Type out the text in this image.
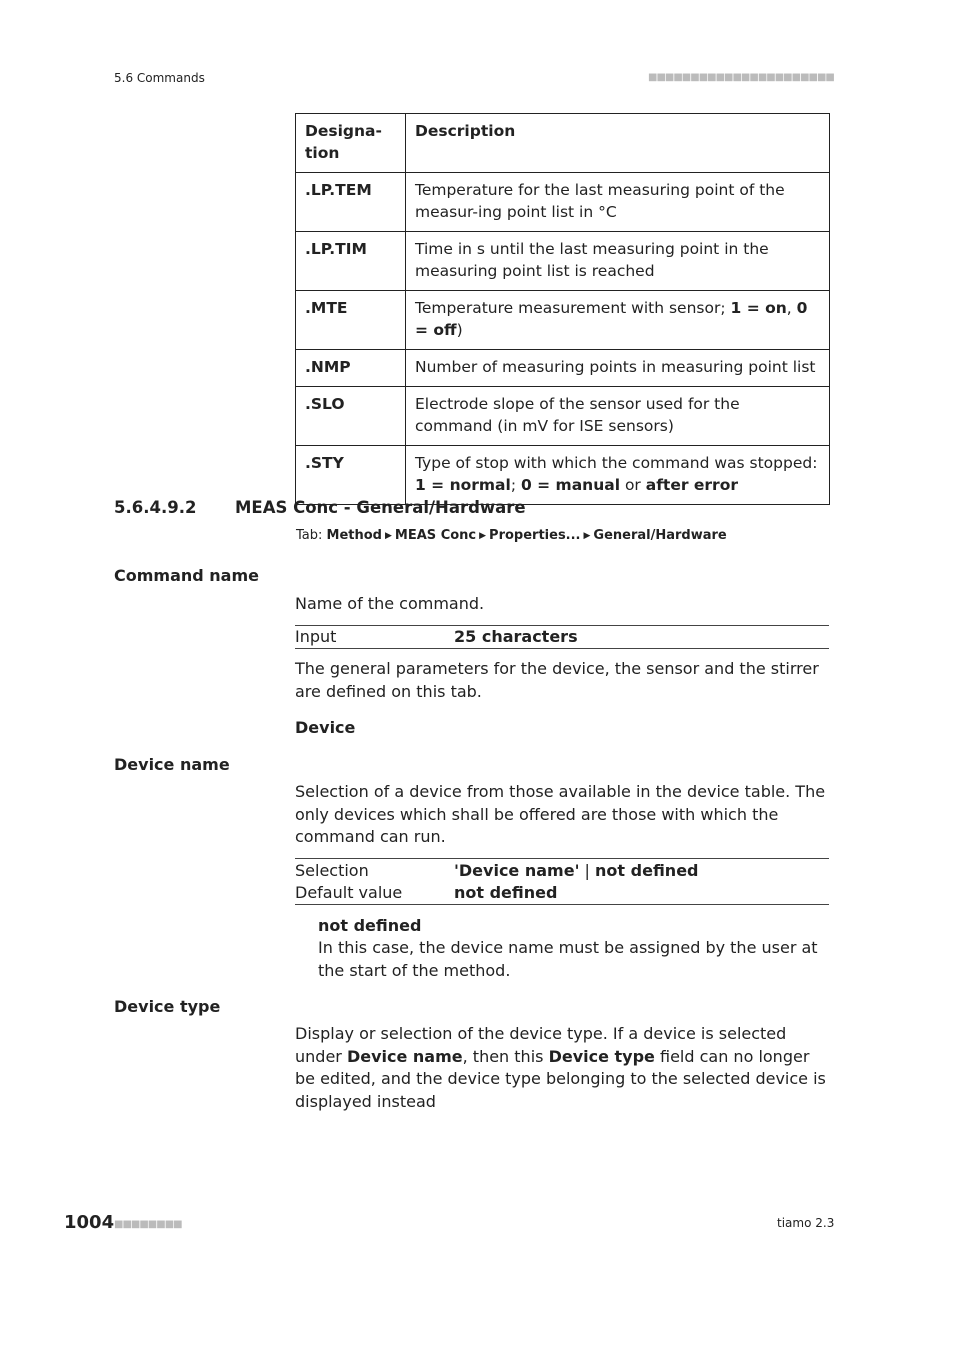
5.6 Commands	■■■■■■■■■■■■■■■■■■■■■■
Designa-
tion	Description
.LP.TEM	Temperature for the last measuring point of the measur-ing point list in °C
.LP.TIM	Time in s until the last measuring point in the measuring point list is reached
.MTE	Temperature measurement with sensor; 1 = on, 0 = off)
.NMP	Number of measuring points in measuring point list
.SLO	Electrode slope of the sensor used for the command (in mV for ISE sensors)
.STY	Type of stop with which the command was stopped: 1 = normal; 0 = manual or after error
5.6.4.9.2 MEAS Conc - General/Hardware
Tab: Method ▶ MEAS Conc ▶ Properties... ▶ General/Hardware
Command name
Name of the command.
Input	25 characters
The general parameters for the device, the sensor and the stirrer are defined on this tab.
Device
Device name
Selection of a device from those available in the device table. The only devices which shall be offered are those with which the command can run.
Selection	'Device name' | not defined
Default value	not defined
not defined
In this case, the device name must be assigned by the user at the start of the method.
Device type
Display or selection of the device type. If a device is selected under Device name, then this Device type field can no longer be edited, and the device type belonging to the selected device is displayed instead
1004 ■■■■■■■■	tiamo 2.3
